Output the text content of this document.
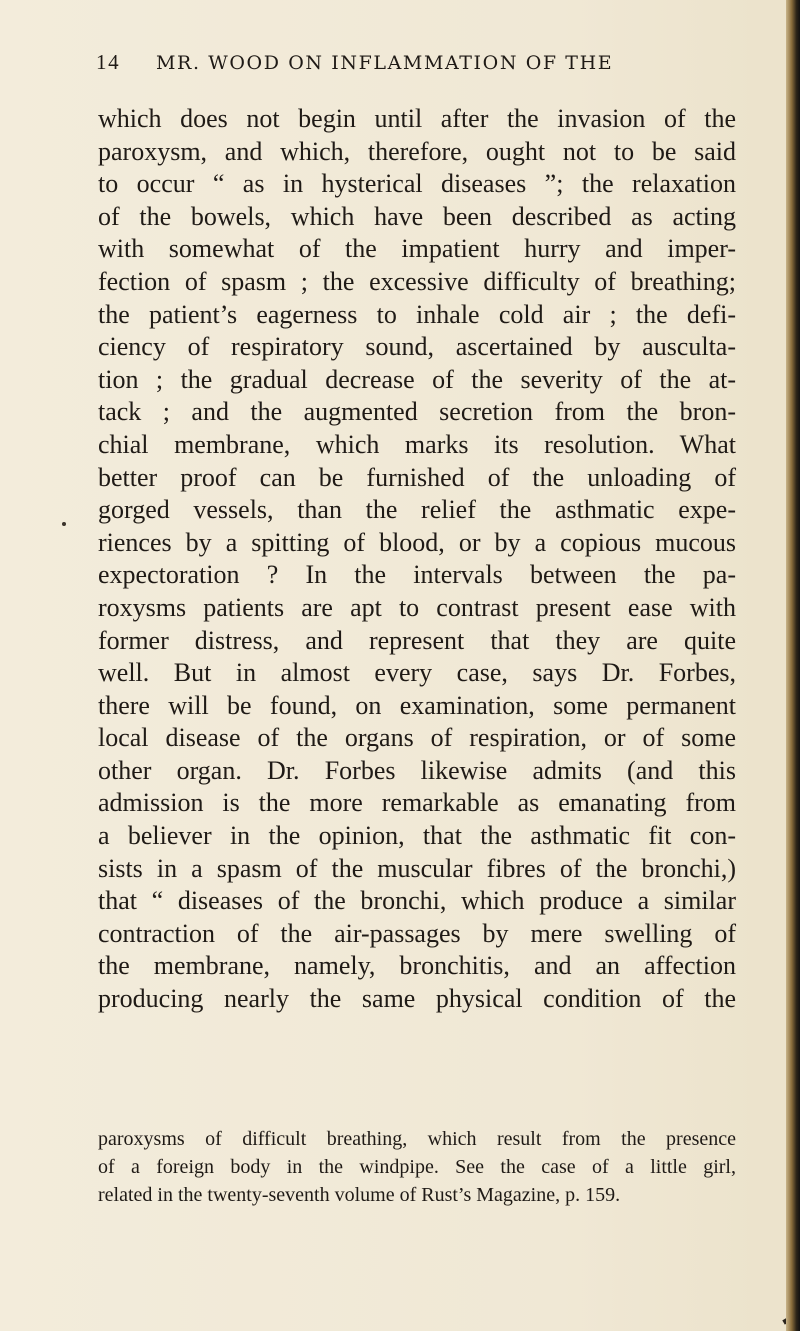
14 MR. WOOD ON INFLAMMATION OF THE
which does not begin until after the invasion of the
paroxysm, and which, therefore, ought not to be said
to occur “ as in hysterical diseases ”; the relaxation
of the bowels, which have been described as acting
with somewhat of the impatient hurry and imper-
fection of spasm ; the excessive difficulty of breathing;
the patient’s eagerness to inhale cold air ; the defi-
ciency of respiratory sound, ascertained by ausculta-
tion ; the gradual decrease of the severity of the at-
tack ; and the augmented secretion from the bron-
chial membrane, which marks its resolution. What
better proof can be furnished of the unloading of
gorged vessels, than the relief the asthmatic expe-
riences by a spitting of blood, or by a copious mucous
expectoration ? In the intervals between the pa-
roxysms patients are apt to contrast present ease with
former distress, and represent that they are quite
well. But in almost every case, says Dr. Forbes,
there will be found, on examination, some permanent
local disease of the organs of respiration, or of some
other organ. Dr. Forbes likewise admits (and this
admission is the more remarkable as emanating from
a believer in the opinion, that the asthmatic fit con-
sists in a spasm of the muscular fibres of the bronchi,)
that “ diseases of the bronchi, which produce a similar
contraction of the air-passages by mere swelling of
the membrane, namely, bronchitis, and an affection
producing nearly the same physical condition of the
paroxysms of difficult breathing, which result from the presence
of a foreign body in the windpipe. See the case of a little girl,
related in the twenty-seventh volume of Rust’s Magazine, p. 159.
